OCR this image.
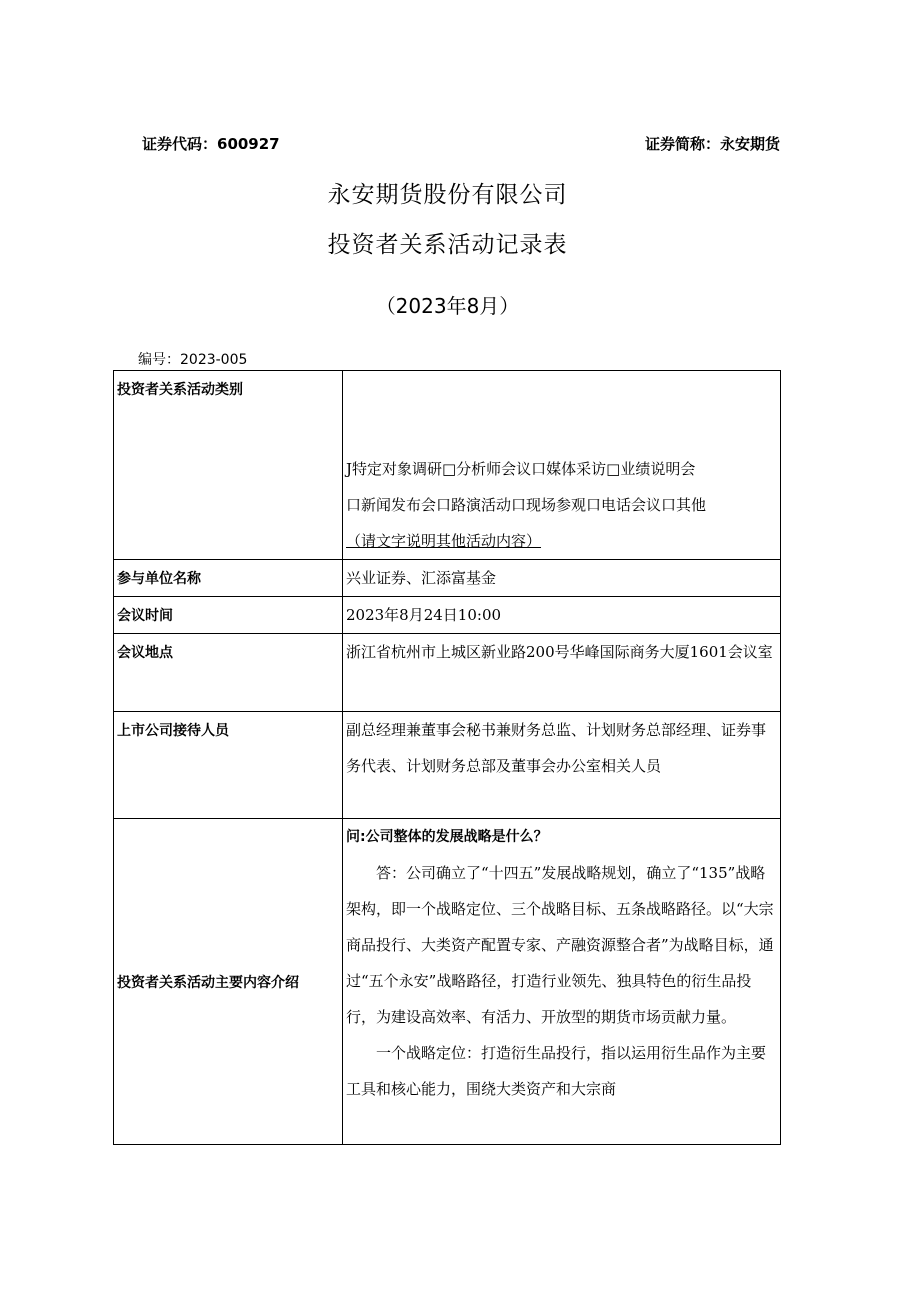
证券代码：600927	证券简称：永安期货
永安期货股份有限公司
投资者关系活动记录表
（2023年8月）
编号：2023-005
投资者关系活动类别	J特定对象调研□分析师会议口媒体采访□业绩说明会
口新闻发布会口路演活动口现场参观口电话会议口其他
（请文字说明其他活动内容）

参与单位名称	兴业证券、汇添富基金
会议时间	2023年8月24日10:00
会议地点	浙江省杭州市上城区新业路200号华峰国际商务大厦1601会议室
上市公司接待人员	副总经理兼董事会秘书兼财务总监、计划财务总部经理、证券事务代表、计划财务总部及董事会办公室相关人员
投资者关系活动主要内容介绍	问:公司整体的发展战略是什么？
答：公司确立了“十四五”发展战略规划，确立了“135”战略架构，即一个战略定位、三个战略目标、五条战略路径。以“大宗商品投行、大类资产配置专家、产融资源整合者”为战略目标，通过“五个永安”战略路径，打造行业领先、独具特色的衍生品投行，为建设高效率、有活力、开放型的期货市场贡献力量。
一个战略定位：打造衍生品投行，指以运用衍生品作为主要工具和核心能力，围绕大类资产和大宗商
